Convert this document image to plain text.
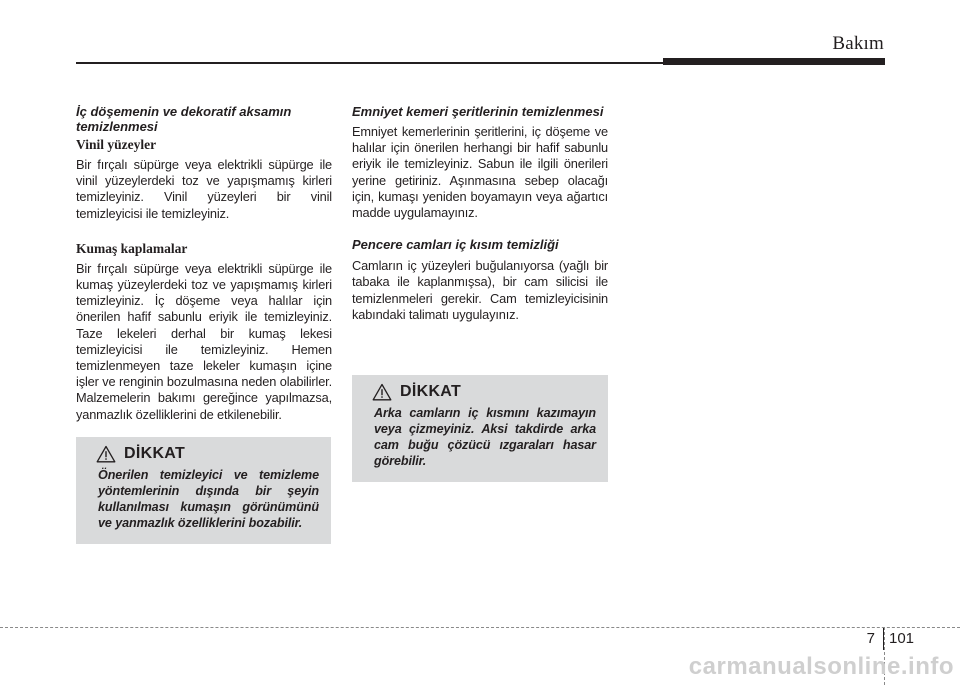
Bakım

İç döşemenin ve dekoratif aksamın temizlenmesi

Vinil yüzeyler

Bir fırçalı süpürge veya elektrikli süpürge ile vinil yüzeylerdeki toz ve yapışmamış kirleri temizleyiniz. Vinil yüzeyleri bir vinil temizleyicisi ile temizleyiniz.

Kumaş kaplamalar

Bir fırçalı süpürge veya elektrikli süpürge ile kumaş yüzeylerdeki toz ve yapışmamış kirleri temizleyiniz. İç döşeme veya halılar için önerilen hafif sabunlu eriyik ile temizleyiniz. Taze lekeleri derhal bir kumaş lekesi temizleyicisi ile temizleyiniz. Hemen temizlenmeyen taze lekeler kumaşın içine işler ve renginin bozulmasına neden olabilirler. Malzemelerin bakımı gereğince yapılmazsa, yanmazlık özelliklerini de etkilenebilir.

DİKKAT

Önerilen temizleyici ve temizleme yöntemlerinin dışında bir şeyin kullanılması kumaşın görünümünü ve yanmazlık özelliklerini bozabilir.

Emniyet kemeri şeritlerinin temizlenmesi

Emniyet kemerlerinin şeritlerini, iç döşeme ve halılar için önerilen herhangi bir hafif sabunlu eriyik ile temizleyiniz. Sabun ile ilgili önerileri yerine getiriniz. Aşınmasına sebep olacağı için, kumaşı yeniden boyamayın veya ağartıcı madde uygulamayınız.

Pencere camları iç kısım temizliği

Camların iç yüzeyleri buğulanıyorsa (yağlı bir tabaka ile kaplanmışsa), bir cam silicisi ile temizlenmeleri gerekir. Cam temizleyicisinin kabındaki talimatı uygulayınız.

DİKKAT

Arka camların iç kısmını kazımayın veya çizmeyiniz. Aksi takdirde arka cam buğu çözücü ızgaraları hasar görebilir.

7 101
carmanualsonline.info
